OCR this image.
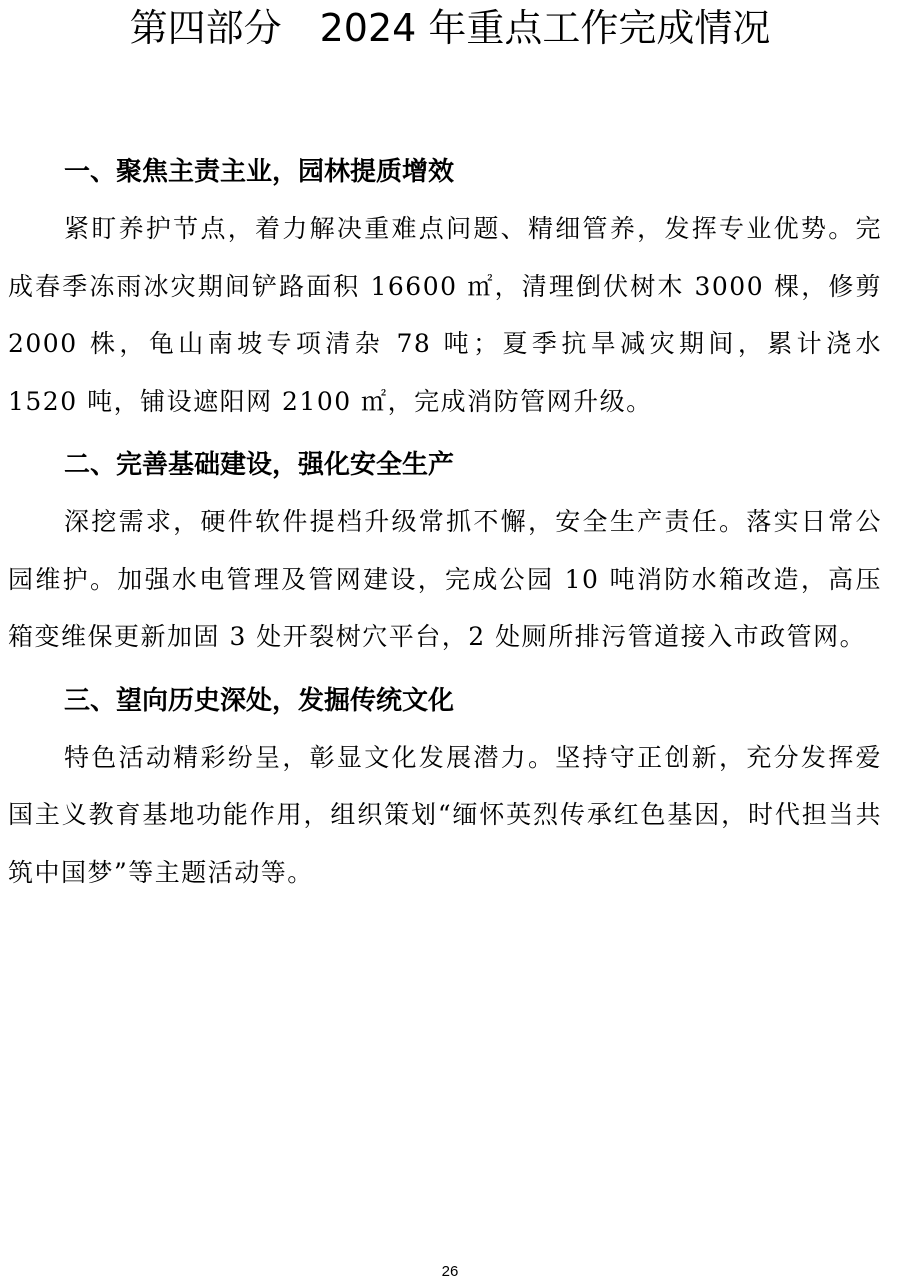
第四部分　2024 年重点工作完成情况
一、聚焦主责主业，园林提质增效

紧盯养护节点，着力解决重难点问题、精细管养，发挥专业优势。完成春季冻雨冰灾期间铲路面积 16600 ㎡，清理倒伏树木 3000 棵，修剪 2000 株，龟山南坡专项清杂 78 吨；夏季抗旱减灾期间，累计浇水 1520 吨，铺设遮阳网 2100 ㎡，完成消防管网升级。

二、完善基础建设，强化安全生产

深挖需求，硬件软件提档升级常抓不懈，安全生产责任。落实日常公园维护。加强水电管理及管网建设，完成公园 10 吨消防水箱改造，高压箱变维保更新加固 3 处开裂树穴平台，2 处厕所排污管道接入市政管网。

三、望向历史深处，发掘传统文化

特色活动精彩纷呈，彰显文化发展潜力。坚持守正创新，充分发挥爱国主义教育基地功能作用，组织策划“缅怀英烈传承红色基因，时代担当共筑中国梦”等主题活动等。

26
